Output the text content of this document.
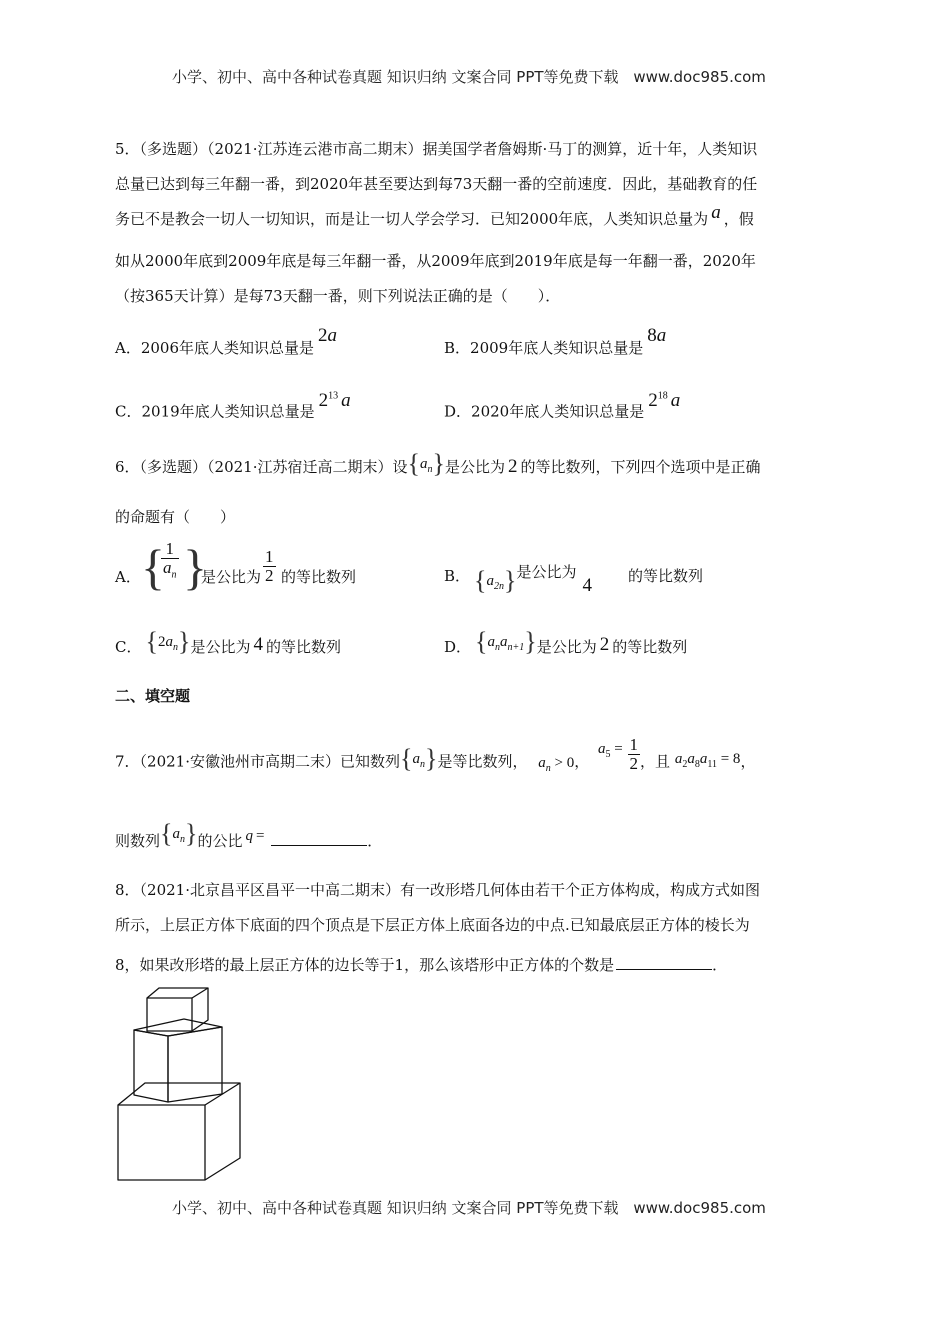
小学、初中、高中各种试卷真题 知识归纳 文案合同 PPT等免费下载 www.doc985.com
5．（多选题）（2021·江苏连云港市高二期末）据美国学者詹姆斯·马丁的测算，近十年，人类知识
总量已达到每三年翻一番，到2020年甚至要达到每73天翻一番的空前速度．因此，基础教育的任
务已不是教会一切人一切知识，而是让一切人学会学习．已知2000年底，人类知识总量为 a ，假
如从2000年底到2009年底是每三年翻一番，从2009年底到2019年底是每一年翻一番，2020年
（按365天计算）是每73天翻一番，则下列说法正确的是（　　）．
A．2006年底人类知识总量是2a
B．2009年底人类知识总量是8a
C．2019年底人类知识总量是 $2^{13}$ a	D．2020年底人类知识总量是 $2^{18}$ a
6．（多选题）（2021·江苏宿迁高二期末）设$\{a_n\}$是公比为 2 的等比数列，下列四个选项中是正确
的命题有（　　）
A． {
$\frac{1}{a_n}$ }
是公比为 $\frac{1}{2}$ 的等比数列	B． $\{a_{2n}\}$是公比为4 的等比数列
C． $\{2a_n\}$是公比为 4 的等比数列	D． $\{a_na_{n+1}\}$是公比为 2 的等比数列
二、填空题
7．（2021·安徽池州市高期二末）已知数列$\{a_n\}$是等比数列， $a_n > 0$， $a_5 = \frac{1}{2}$ ，且 $a_2a_8a_{11} = 8$，
则数列$\{a_n\}$的公比 q =	．
8．（2021·北京昌平区昌平一中高二期末）有一改形塔几何体由若干个正方体构成，构成方式如图
所示，上层正方体下底面的四个顶点是下层正方体上底面各边的中点.已知最底层正方体的棱长为
8，如果改形塔的最上层正方体的边长等于1，那么该塔形中正方体的个数是	．
小学、初中、高中各种试卷真题 知识归纳 文案合同 PPT等免费下载 www.doc985.com
